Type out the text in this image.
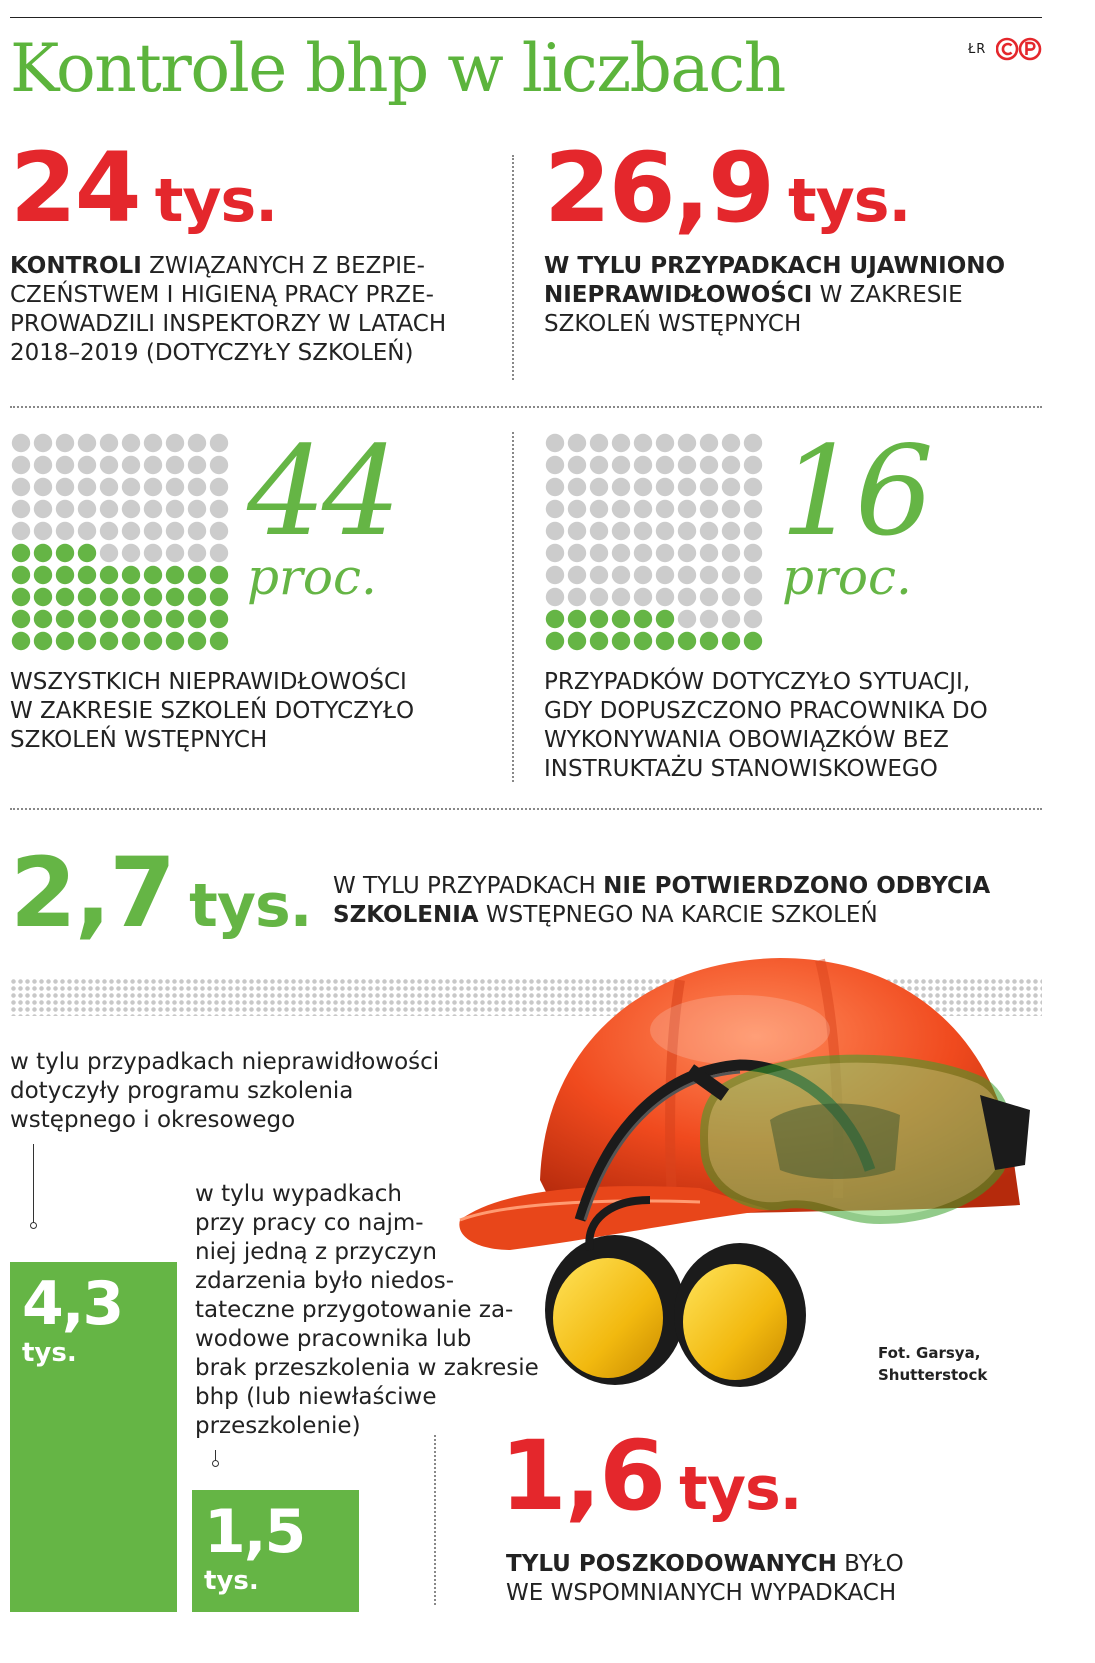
Kontrole bhp w liczbach	ŁR
24 tys.
KONTROLI ZWIĄZANYCH Z BEZPIE-
CZEŃSTWEM I HIGIENĄ PRACY PRZE-
PROWADZILI INSPEKTORZY W LATACH
2018–2019 (DOTYCZYŁY SZKOLEŃ)
26,9 tys.
W TYLU PRZYPADKACH UJAWNIONO
NIEPRAWIDŁOWOŚCI W ZAKRESIE
SZKOLEŃ WSTĘPNYCH
44
proc.
WSZYSTKICH NIEPRAWIDŁOWOŚCI
W ZAKRESIE SZKOLEŃ DOTYCZYŁO
SZKOLEŃ WSTĘPNYCH
16
proc.
PRZYPADKÓW DOTYCZYŁO SYTUACJI,
GDY DOPUSZCZONO PRACOWNIKA DO
WYKONYWANIA OBOWIĄZKÓW BEZ
INSTRUKTAŻU STANOWISKOWEGO
2,7 tys. W TYLU PRZYPADKACH NIE POTWIERDZONO ODBYCIA
SZKOLENIA WSTĘPNEGO NA KARCIE SZKOLEŃ
Fot. Garsya,
Shutterstock
w tylu przypadkach nieprawidłowości
dotyczyły programu szkolenia
wstępnego i okresowego
w tylu wypadkach
przy pracy co najm-
niej jedną z przyczyn
zdarzenia było niedos-
tateczne przygotowanie za-
wodowe pracownika lub
brak przeszkolenia w zakresie
bhp (lub niewłaściwe
przeszkolenie)
4,3
tys.
1,5
tys.
1,6 tys.
TYLU POSZKODOWANYCH BYŁO
WE WSPOMNIANYCH WYPADKACH
